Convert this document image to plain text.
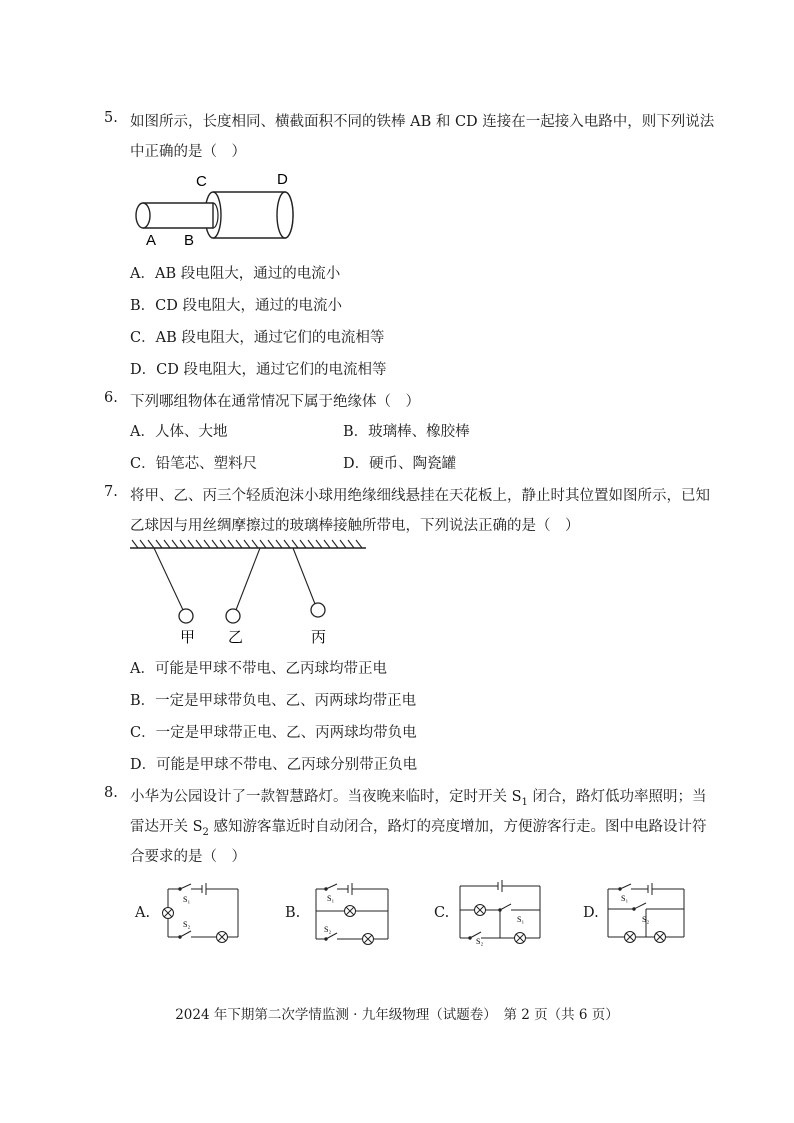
5. 如图所示，长度相同、横截面积不同的铁棒 AB 和 CD 连接在一起接入电路中，则下列说法
中正确的是（　）
C	D
A B
A．AB 段电阻大，通过的电流小
B．CD 段电阻大，通过的电流小
C．AB 段电阻大，通过它们的电流相等
D．CD 段电阻大，通过它们的电流相等
6. 下列哪组物体在通常情况下属于绝缘体（　）
A．人体、大地	B．玻璃棒、橡胶棒
C．铅笔芯、塑料尺	D．硬币、陶瓷罐
7. 将甲、乙、丙三个轻质泡沫小球用绝缘细线悬挂在天花板上，静止时其位置如图所示，已知
乙球因与用丝绸摩擦过的玻璃棒接触所带电，下列说法正确的是（　）
甲 乙	丙
A．可能是甲球不带电、乙丙球均带正电
B．一定是甲球带负电、乙、丙两球均带正电
C．一定是甲球带正电、乙、丙两球均带负电
D．可能是甲球不带电、乙丙球分别带正负电
8. 小华为公园设计了一款智慧路灯。当夜晚来临时，定时开关 $S_1$ 闭合，路灯低功率照明；当
雷达开关 $S_2$ 感知游客靠近时自动闭合，路灯的亮度增加，方便游客行走。图中电路设计符
合要求的是（　）
A.
S₁
S₂
B.
S₁
S₂
C.	S₁
S₂
D.
S₁
S₂
2024 年下期第二次学情监测 · 九年级物理（试题卷）　第 2 页（共 6 页）
